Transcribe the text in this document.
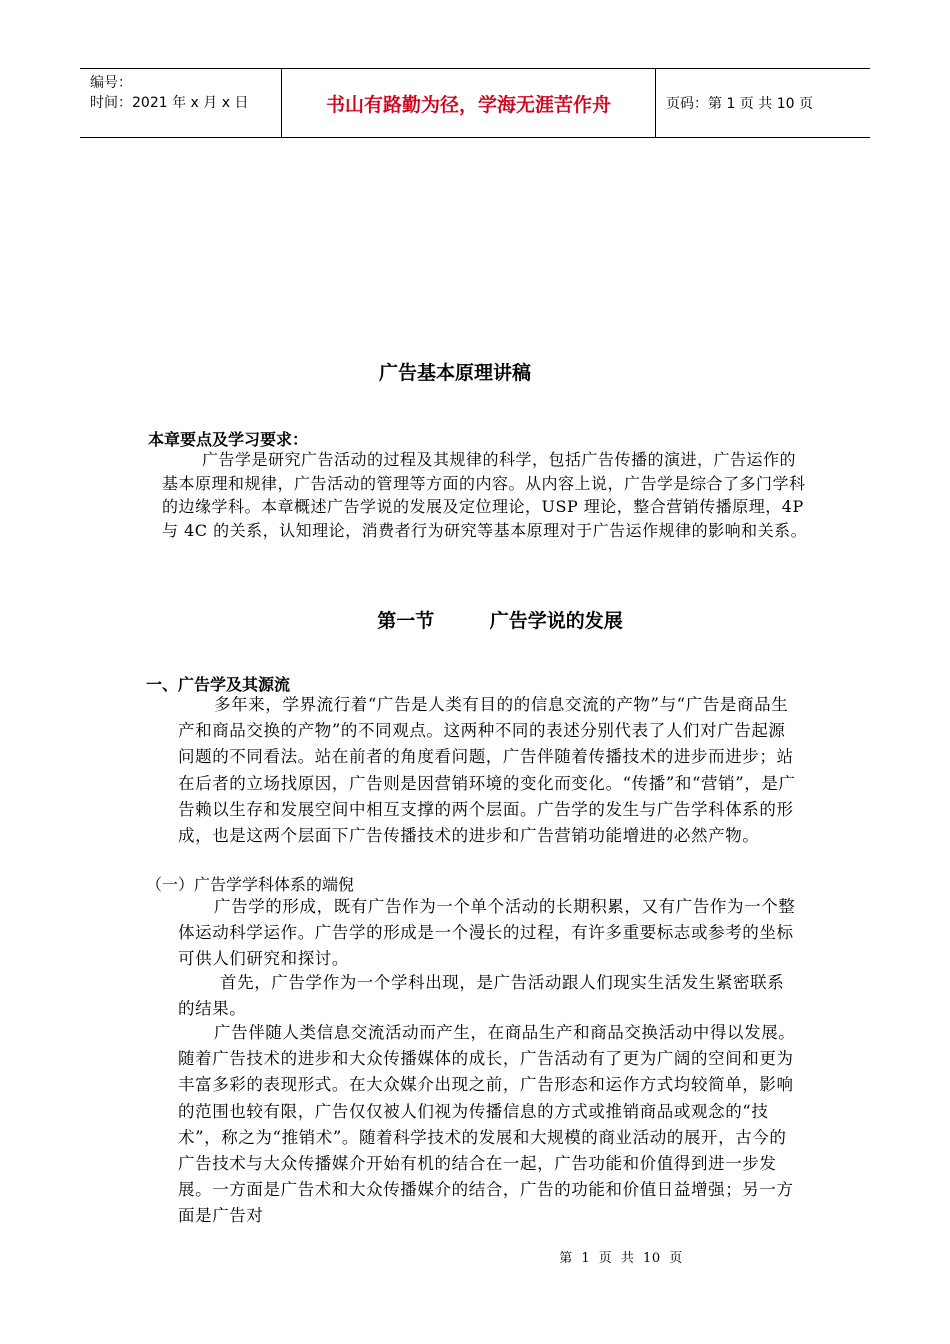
编号：
时间：2021 年 x 月 x 日	书山有路勤为径，学海无涯苦作舟	页码：第 1 页 共 10 页
广告基本原理讲稿
本章要点及学习要求：
广告学是研究广告活动的过程及其规律的科学，包括广告传播的演进，广告运作的基本原理和规律，广告活动的管理等方面的内容。从内容上说，广告学是综合了多门学科的边缘学科。本章概述广告学说的发展及定位理论，USP 理论，整合营销传播原理，4P 与 4C 的关系，认知理论，消费者行为研究等基本原理对于广告运作规律的影响和关系。
第一节　 广告学说的发展
一、广告学及其源流
多年来，学界流行着“广告是人类有目的的信息交流的产物”与“广告是商品生产和商品交换的产物”的不同观点。这两种不同的表述分别代表了人们对广告起源问题的不同看法。站在前者的角度看问题，广告伴随着传播技术的进步而进步；站在后者的立场找原因，广告则是因营销环境的变化而变化。“传播”和“营销”，是广告赖以生存和发展空间中相互支撑的两个层面。广告学的发生与广告学科体系的形成，也是这两个层面下广告传播技术的进步和广告营销功能增进的必然产物。
（一）广告学学科体系的端倪
广告学的形成，既有广告作为一个单个活动的长期积累，又有广告作为一个整体运动科学运作。广告学的形成是一个漫长的过程，有许多重要标志或参考的坐标可供人们研究和探讨。
首先，广告学作为一个学科出现，是广告活动跟人们现实生活发生紧密联系的结果。
广告伴随人类信息交流活动而产生，在商品生产和商品交换活动中得以发展。随着广告技术的进步和大众传播媒体的成长，广告活动有了更为广阔的空间和更为丰富多彩的表现形式。在大众媒介出现之前，广告形态和运作方式均较简单，影响的范围也较有限，广告仅仅被人们视为传播信息的方式或推销商品或观念的“技术”，称之为“推销术”。随着科学技术的发展和大规模的商业活动的展开，古今的广告技术与大众传播媒介开始有机的结合在一起，广告功能和价值得到进一步发展。一方面是广告术和大众传播媒介的结合，广告的功能和价值日益增强；另一方面是广告对
第 1 页 共 10 页
